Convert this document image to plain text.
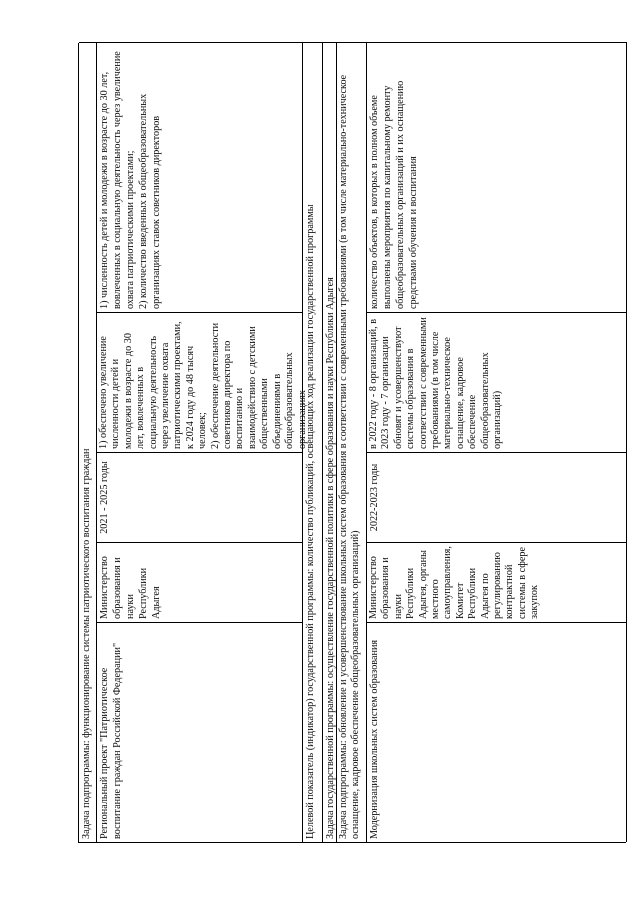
Задача подпрограммы: функционирование системы патриотического воспитания граждан Региональный проект "Патриотическое воспитание граждан Российской Федерации"
Министерство образования и науки Республики Адыгея
2021 - 2025 годы
1) обеспечено увеличение численности детей и молодежи в возрасте до 30 лет, вовлеченных в социальную деятельность через увеличение охвата патриотическими проектами, к 2024 году до 48 тысяч человек;
2) обеспечение деятельности советников директора по воспитанию и взаимодействию с детскими общественными объединениями в общеобразовательных организациях
1) численность детей и молодежи в возрасте до 30 лет, вовлеченных в социальную деятельность через увеличение охвата патриотическими проектами;
2) количество введенных в общеобразовательных организациях ставок советников директоров
Целевой показатель (индикатор) государственной программы: количество публикаций, освещающих ход реализации государственной программы Задача государственной программы: осуществление государственной политики в сфере образования и науки Республики Адыгея Задача подпрограммы: обновление и усовершенствование школьных систем образования в соответствии с современными требованиями (в том числе материально-техническое оснащение, кадровое обеспечение общеобразовательных организаций) Модернизация школьных систем образования
Министерство образования и науки Республики Адыгея, органы местного самоуправления, Комитет Республики Адыгея по регулированию контрактной системы в сфере закупок
2022-2023 годы
в 2022 году - 8 организаций, в 2023 году - 7 организации обновят и усовершенствуют системы образования в соответствии с современными требованиями (в том числе материально-техническое оснащение, кадровое обеспечение общеобразовательных организаций)
количество объектов, в которых в полном объеме выполнены мероприятия по капитальному ремонту общеобразовательных организаций и их оснащению средствами обучения и воспитания
